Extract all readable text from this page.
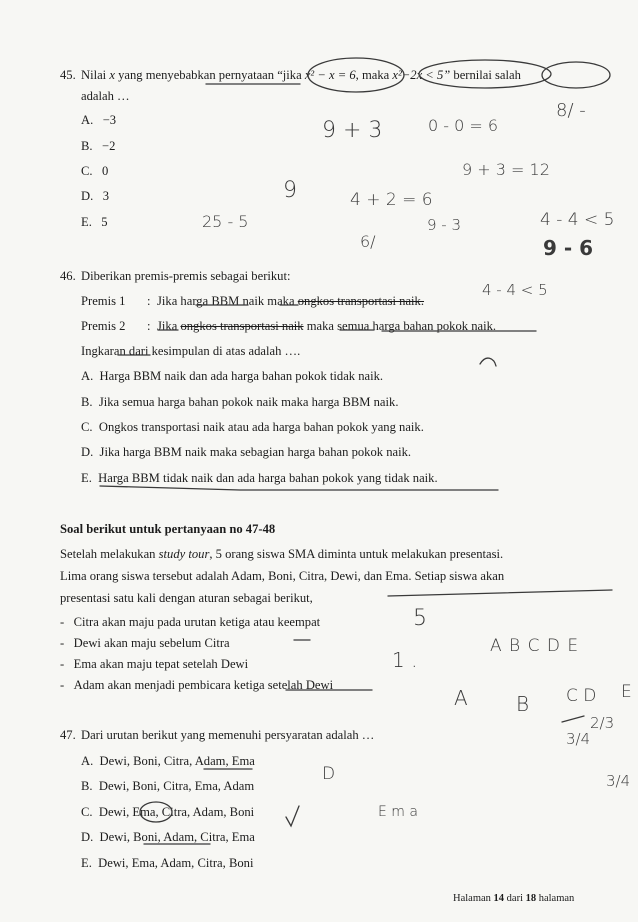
45. Nilai x yang menyebabkan pernyataan “jika x² − x = 6, maka x²−2x < 5” bernilai salah
adalah …
A. −3
B. −2
C. 0
D. 3
E. 5
46. Diberikan premis-premis sebagai berikut:
Premis 1 : Jika harga BBM naik maka ongkos transportasi naik.
Premis 2 : Jika ongkos transportasi naik maka semua harga bahan pokok naik.
Ingkaran dari kesimpulan di atas adalah ….
A. Harga BBM naik dan ada harga bahan pokok tidak naik.
B. Jika semua harga bahan pokok naik maka harga BBM naik.
C. Ongkos transportasi naik atau ada harga bahan pokok yang naik.
D. Jika harga BBM naik maka sebagian harga bahan pokok naik.
E. Harga BBM tidak naik dan ada harga bahan pokok yang tidak naik.
Soal berikut untuk pertanyaan no 47-48
Setelah melakukan study tour, 5 orang siswa SMA diminta untuk melakukan presentasi.
Lima orang siswa tersebut adalah Adam, Boni, Citra, Dewi, dan Ema. Setiap siswa akan
presentasi satu kali dengan aturan sebagai berikut,
- Citra akan maju pada urutan ketiga atau keempat
- Dewi akan maju sebelum Citra
- Ema akan maju tepat setelah Dewi
- Adam akan menjadi pembicara ketiga setelah Dewi
47. Dari urutan berikut yang memenuhi persyaratan adalah …
A. Dewi, Boni, Citra, Adam, Ema
B. Dewi, Boni, Citra, Ema, Adam
C. Dewi, Ema, Citra, Adam, Boni
D. Dewi, Boni, Adam, Citra, Ema
E. Dewi, Ema, Adam, Citra, Boni
9 + 3	0 - 0 = 6
8/ -
9
9 + 3 = 12
4 + 2 = 6
25 - 5	9 - 3	4 - 4 < 5
6/	9 - 6
4 - 4 < 5
5
A B C D E
1 .
A B C D E
2/3
3/4
D	3/4
E m a
Halaman 14 dari 18 halaman
